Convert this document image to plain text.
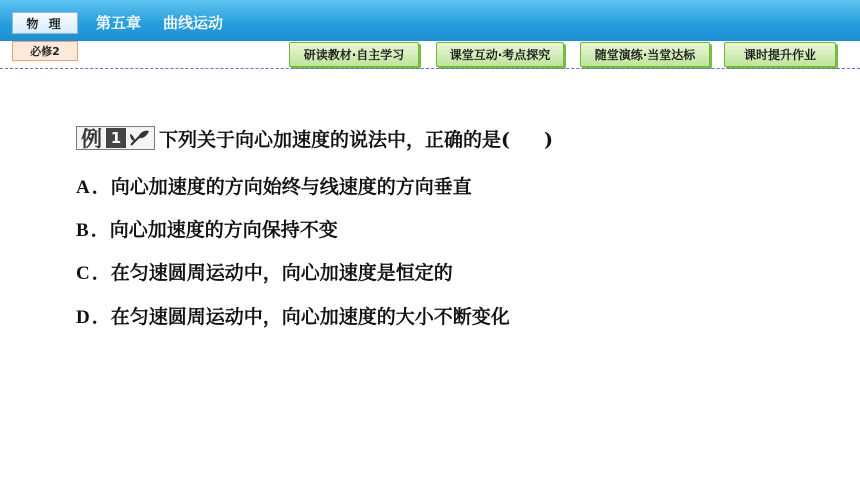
物 理	第五章 曲线运动
必修2	研读教材·自主学习	课堂互动·考点探究	随堂演练·当堂达标	课时提升作业
例 1 下列关于向心加速度的说法中，正确的是( )
A ．向心加速度的方向始终与线速度的方向垂直
B ．向心加速度的方向保持不变
C ．在匀速圆周运动中，向心加速度是恒定的
D ．在匀速圆周运动中，向心加速度的大小不断变化
